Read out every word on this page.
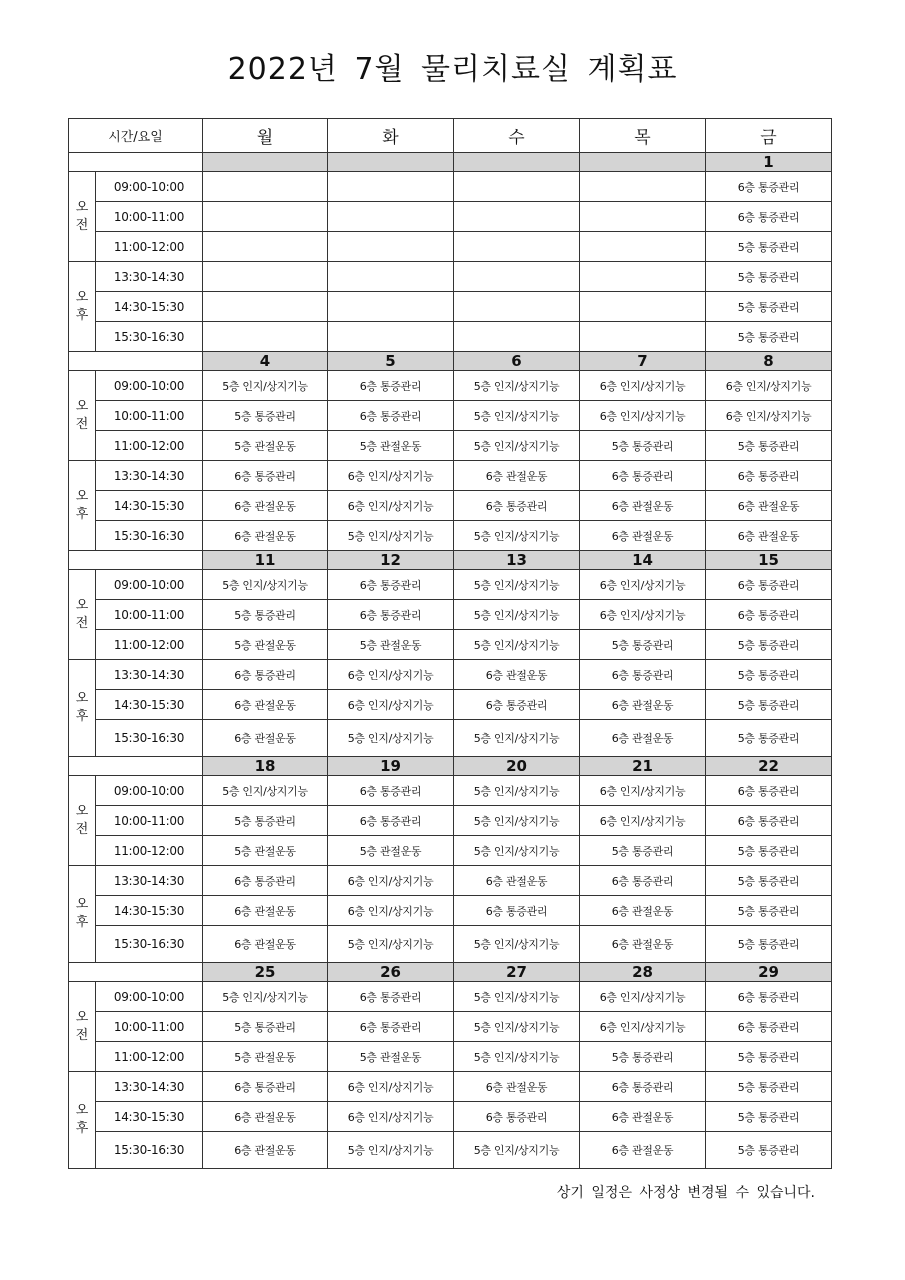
2022년 7월 물리치료실 계획표
시간/요일		월	화	수	목	금
						1
오
전	09:00-10:00					6층 통증관리
	10:00-11:00					6층 통증관리
	11:00-12:00					5층 통증관리
오
후	13:30-14:30					5층 통증관리
	14:30-15:30					5층 통증관리
	15:30-16:30					5층 통증관리
		4	5	6	7	8
오
전	09:00-10:00	5층 인지/상지기능	6층 통증관리	5층 인지/상지기능	6층 인지/상지기능	6층 인지/상지기능
	10:00-11:00	5층 통증관리	6층 통증관리	5층 인지/상지기능	6층 인지/상지기능	6층 인지/상지기능
	11:00-12:00	5층 관절운동	5층 관절운동	5층 인지/상지기능	5층 통증관리	5층 통증관리
오
후	13:30-14:30	6층 통증관리	6층 인지/상지기능	6층 관절운동	6층 통증관리	6층 통증관리
	14:30-15:30	6층 관절운동	6층 인지/상지기능	6층 통증관리	6층 관절운동	6층 관절운동
	15:30-16:30	6층 관절운동	5층 인지/상지기능	5층 인지/상지기능	6층 관절운동	6층 관절운동
		11	12	13	14	15
오
전	09:00-10:00	5층 인지/상지기능	6층 통증관리	5층 인지/상지기능	6층 인지/상지기능	6층 통증관리
	10:00-11:00	5층 통증관리	6층 통증관리	5층 인지/상지기능	6층 인지/상지기능	6층 통증관리
	11:00-12:00	5층 관절운동	5층 관절운동	5층 인지/상지기능	5층 통증관리	5층 통증관리
오
후	13:30-14:30	6층 통증관리	6층 인지/상지기능	6층 관절운동	6층 통증관리	5층 통증관리
	14:30-15:30	6층 관절운동	6층 인지/상지기능	6층 통증관리	6층 관절운동	5층 통증관리
	15:30-16:30	6층 관절운동	5층 인지/상지기능	5층 인지/상지기능	6층 관절운동	5층 통증관리
		18	19	20	21	22
오
전	09:00-10:00	5층 인지/상지기능	6층 통증관리	5층 인지/상지기능	6층 인지/상지기능	6층 통증관리
	10:00-11:00	5층 통증관리	6층 통증관리	5층 인지/상지기능	6층 인지/상지기능	6층 통증관리
	11:00-12:00	5층 관절운동	5층 관절운동	5층 인지/상지기능	5층 통증관리	5층 통증관리
오
후	13:30-14:30	6층 통증관리	6층 인지/상지기능	6층 관절운동	6층 통증관리	5층 통증관리
	14:30-15:30	6층 관절운동	6층 인지/상지기능	6층 통증관리	6층 관절운동	5층 통증관리
	15:30-16:30	6층 관절운동	5층 인지/상지기능	5층 인지/상지기능	6층 관절운동	5층 통증관리
		25	26	27	28	29
오
전	09:00-10:00	5층 인지/상지기능	6층 통증관리	5층 인지/상지기능	6층 인지/상지기능	6층 통증관리
	10:00-11:00	5층 통증관리	6층 통증관리	5층 인지/상지기능	6층 인지/상지기능	6층 통증관리
	11:00-12:00	5층 관절운동	5층 관절운동	5층 인지/상지기능	5층 통증관리	5층 통증관리
오
후	13:30-14:30	6층 통증관리	6층 인지/상지기능	6층 관절운동	6층 통증관리	5층 통증관리
	14:30-15:30	6층 관절운동	6층 인지/상지기능	6층 통증관리	6층 관절운동	5층 통증관리
	15:30-16:30	6층 관절운동	5층 인지/상지기능	5층 인지/상지기능	6층 관절운동	5층 통증관리
상기 일정은 사정상 변경될 수 있습니다.
